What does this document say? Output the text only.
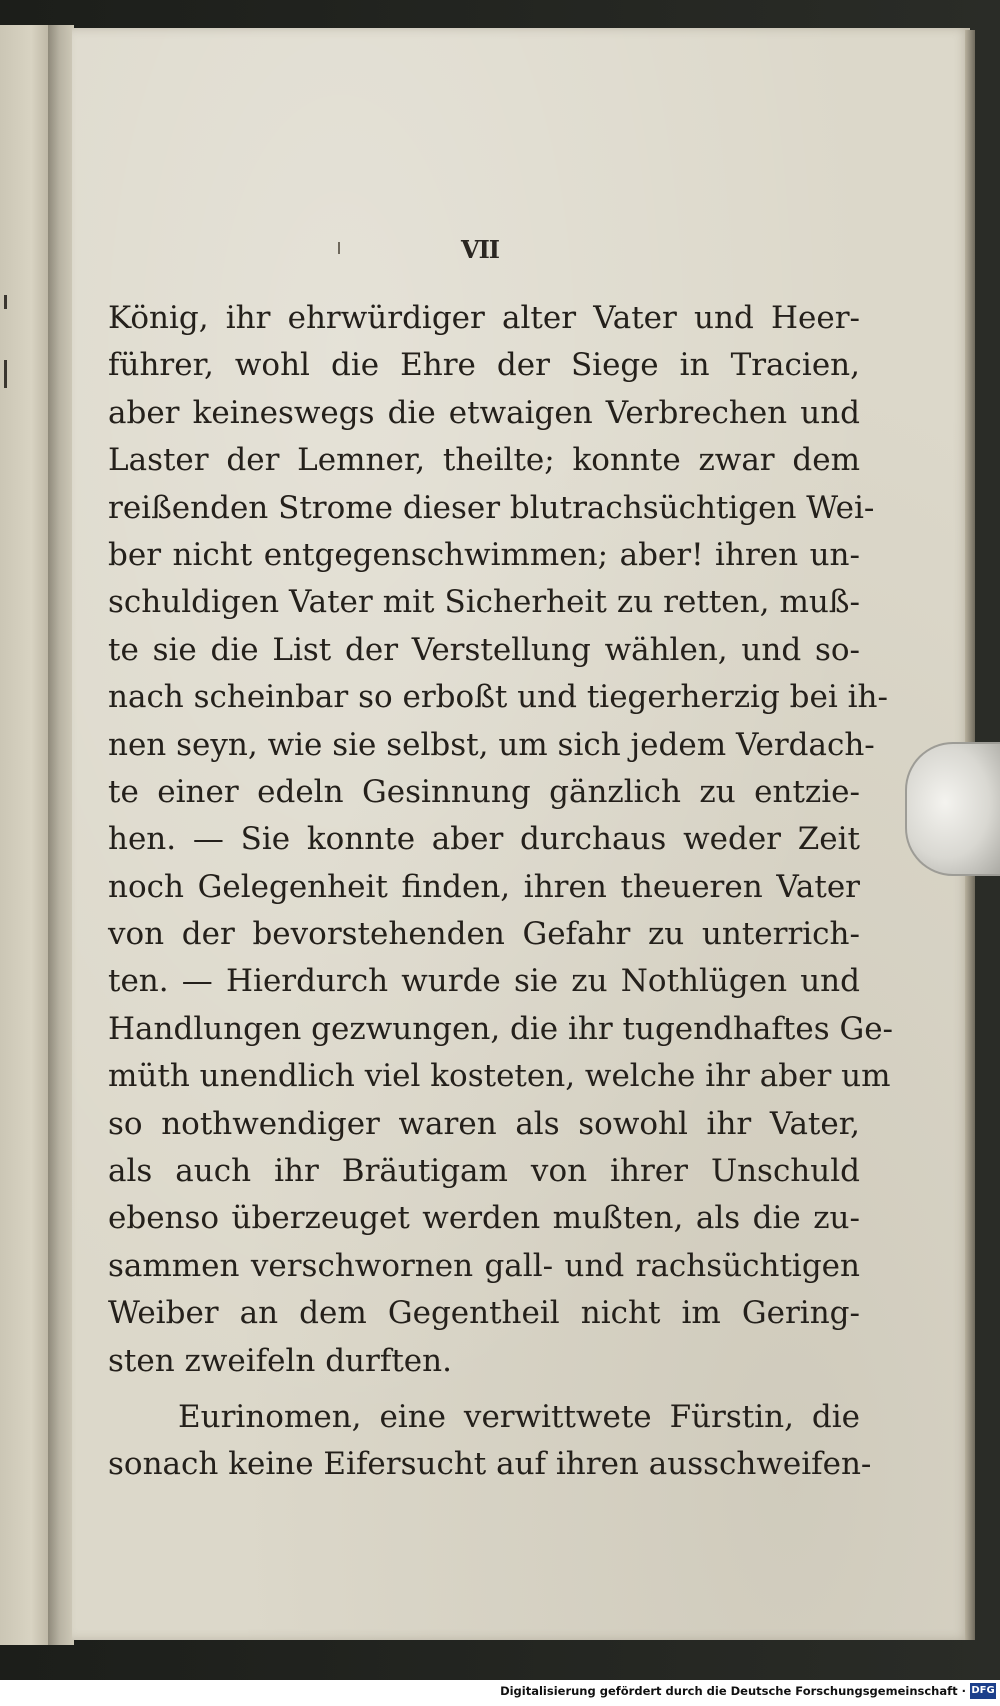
VII
König, ihr ehrwürdiger alter Vater und Heer-
führer, wohl die Ehre der Siege in Tracien,
aber keineswegs die etwaigen Verbrechen und
Laster der Lemner, theilte; konnte zwar dem
reißenden Strome dieser blutrachsüchtigen Wei-
ber nicht entgegenschwimmen; aber! ihren un-
schuldigen Vater mit Sicherheit zu retten, muß-
te sie die List der Verstellung wählen, und so-
nach scheinbar so erboßt und tiegerherzig bei ih-
nen seyn, wie sie selbst, um sich jedem Verdach-
te einer edeln Gesinnung gänzlich zu entzie-
hen. — Sie konnte aber durchaus weder Zeit
noch Gelegenheit finden, ihren theueren Vater
von der bevorstehenden Gefahr zu unterrich-
ten. — Hierdurch wurde sie zu Nothlügen und
Handlungen gezwungen, die ihr tugendhaftes Ge-
müth unendlich viel kosteten, welche ihr aber um
so nothwendiger waren als sowohl ihr Vater,
als auch ihr Bräutigam von ihrer Unschuld
ebenso überzeuget werden mußten, als die zu-
sammen verschwornen gall- und rachsüchtigen
Weiber an dem Gegentheil nicht im Gering-
sten zweifeln durften.
Eurinomen, eine verwittwete Fürstin, die
sonach keine Eifersucht auf ihren ausschweifen-
Digitalisierung gefördert durch die Deutsche Forschungsgemeinschaft · DFG
